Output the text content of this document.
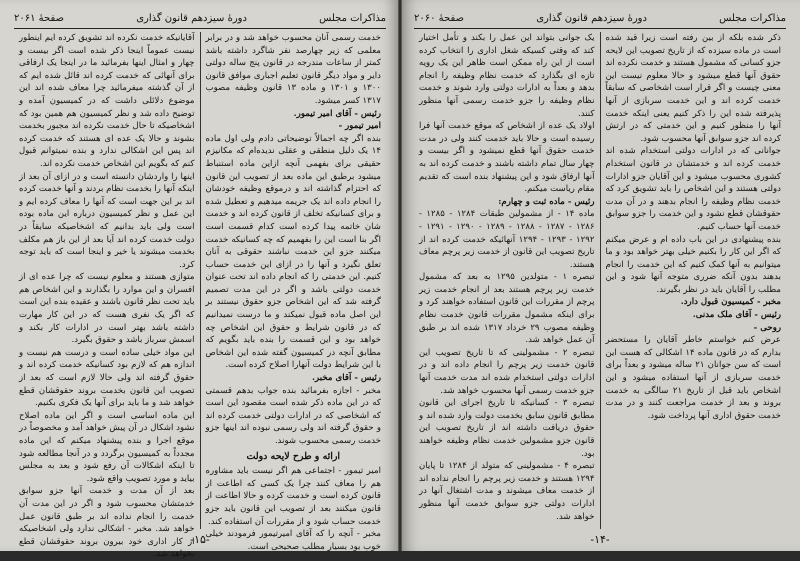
مذاکرات مجلس
دورهٔ سیزدهم قانون گذاری
صفحهٔ ۲۰۶۱

خدمت رسمی آنان محسوب خواهد شد و در برابر معلمی که زیر چهارصد نفر شاگرد داشته باشد کمتر از ساعات مندرجه در قانون پنج ساله دولتی دایر و مواد دیگر قانون تعلیم اجباری موافق قانون ۱۳۰۰ و ۱۳۰۱ و ماده ۱۳ قانون وظیفه مصوب ۱۳۱۷ کسر میشود.

رئیس - آقای امیر تیمور.

امیر تیمور -

بنده اگر چه اجمالاً توضیحاتی دادم ولی اول ماده ۱۴ یک دلیل منطقی و عقلی ندیده‌ام که مکانیزم حقیقی برای بفهمی آنچه ازاین ماده استنباط میشود برطبق این ماده بعد از تصویب این قانون که احتزام گذاشته اند و درموقع وظیفه خودشان را انجام داده اند یک جریمه میدهیم و تعطیل شده و برای کسانیکه تخلف از قانون کرده اند و خدمت شان خاتمه پیدا کرده است کدام قسمت است اگر بنا است این را بفهمیم که چه کسانیکه خدمت میکنند جزو این خدمت نباشند حقوقی به آنان تعلق نگیرد و آنها را در ازای این خدمت حساب کنیم. این خدمتی را که انجام داده اند تحت عنوان خدمت دولتی باشد و اگر در این مدت تصمیم گرفته شد که این اشخاص جزو حقوق نیستند بر این اصل ماده قبول نمیکند و ما درست نمیدانیم که در قانون شرایط و حقوق این اشخاص چه خواهد بود و این قسمت را بنده باید بگویم که مطابق آنچه در کمیسیون گفته شده این اشخاص با این شرایط دولت آنهارا اصلاح کرده است.

رئیس - آقای مخبر.

مخبر - اجازه بفرمائید بنده جواب بدهم قسمتی که در این ماده ذکر شده است مقصود این است که اشخاصی که در ادارات دولتی خدمت کرده اند و حقوق گرفته اند ولی رسمی نبوده اند اینها جزو خدمت رسمی محسوب شوند.

ارائه و طرح لایحه دولت

امیر تیمور - اجتماعی هم اگر نیست باید مشاوره هم را معاف کنند چرا یک کسی که اطاعت از قانون کرده است و خدمت کرده و حالا اطاعت از قانون میکنند بعد از تصویب این قانون باید جزو خدمت حساب شود و از مقررات آن استفاده کند.

مخبر - آنچه را که آقای امیرتیمور فرمودند خیلی خوب بود بسیار مطلب صحیحی است.

آقایانیکه خدمت نکرده اند تشویق کرده ایم اینطور نیست عموماً اینجا ذکر شده است اگر بیست و چهار و امثال اینها بفرمائید ما در اینجا یک ارفاقی برای آنهائی که خدمت کرده اند قائل شده ایم که از آن گذشته میفرمائید چرا معاف شده اند این موضوع دلائلی داشت که در کمیسیون آمده و توضیح داده شد و نظر کمیسیون هم همین بود که اشخاصیکه تا حال خدمت نکرده اند مجبور بخدمت بشوند و حالا یک عده ای هستند که خدمت کرده اند پس این اشکالی ندارد و بنده نمیتوانم قبول کنم که بگویم این اشخاص خدمت نکرده اند.

اینها را واردشان دانسته است و در ازای آن بعد از اینکه آنها را بخدمت نظام بردند و آنها خدمت کرده اند بر این جهت است که آنها را معاف کرده ایم و این عمل و نظر کمیسیون درباره این ماده بوده است ولی باید بدانیم که اشخاصیکه سابقاً در دولت خدمت کرده اند آیا بعد از این باز هم مکلف بخدمت میشوند یا خیر و اینجا است که باید توجه کرد.

متوازی هستند و معلوم نیست که چرا عده ای از افسران و این موارد را بگذارند و این اشخاص هم باید تحت نظر قانون باشند و عقیده بنده این است که اگر یک نفری هست که در این کار مهارت داشته باشد بهتر است در ادارات کار بکند و اسمش سرباز باشد و حقوق بگیرد.

این مواد خیلی ساده است و درست هم نیست و اندازه هم که لازم بود کسانیکه خدمت کرده اند و حقوق گرفته اند ولی حالا لازم است که بعد از تصویب این قانون بخدمت بروند حقوقشان قطع خواهد شد و ما باید برای آنها یک فکری بکنیم.

این ماده اساسی است و اگر این ماده اصلاح نشود اشکال در آن پیش خواهد آمد و مخصوصاً در موقع اجرا و بنده پیشنهاد میکنم که این ماده مجدداً به کمیسیون برگردد و در آنجا مطالعه شود تا اینکه اشکالات آن رفع شود و بعد به مجلس بیاید و مورد تصویب واقع شود.

بعد از آن مدت و خدمت آنها جزو سوابق خدمتشان محسوب شود و اگر در این مدت آن خدمت را انجام نداده اند بر طبق قانون عمل خواهد شد. مخبر - اشکالی ندارد ولی اشخاصیکه از کار اداری خود بیرون بروند حقوقشان قطع نخواهد شد.

-۱۵-
مذاکرات مجلس
دورهٔ سیزدهم قانون گذاری
صفحهٔ ۲۰۶۰

ذکر شده بلکه از بین رفته است زیرا قید شده است در ماده سیزده که از تاریخ تصویب این لایحه جزو کسانی که مشمول هستند و خدمت نکرده اند حقوق آنها قطع میشود و حالا معلوم نیست این معنی چیست و اگر قرار است اشخاصی که سابقاً خدمت کرده اند و این خدمت سربازی از آنها پذیرفته شده این را ذکر کنیم یعنی اینکه خدمت آنها را منظور کنیم و این خدمتی که در ارتش کرده اند جزو سوابق آنها محسوب شود.

جوانانی که در ادارات دولتی استخدام شده اند خدمت کرده اند و خدمتشان در قانون استخدام کشوری محسوب میشود و این آقایان جزو ادارات دولتی هستند و این اشخاص را باید تشویق کرد که خدمت نظام وظیفه را انجام بدهند و در آن مدت حقوقشان قطع نشود و این خدمت را جزو سوابق خدمت آنها حساب کنیم.

بنده پیشنهادی در این باب داده ام و عرض میکنم که اگر این کار را بکنیم خیلی بهتر خواهد بود و ما میتوانیم به آنها کمک کنیم که این خدمت را انجام بدهند بدون آنکه ضرری متوجه آنها شود و این مطلب را آقایان باید در نظر بگیرند.

مخبر - کمیسیون قبول دارد.

رئیس - آقای ملک مدنی.

روحی -

عرض کنم خواستم خاطر آقایان را مستحضر بدارم که در قانون ماده ۱۴ اشکالی که هست این است که سن جوانان ۲۱ ساله میشود و بعداً برای خدمت سربازی از آنها استفاده میشود و این اشخاص باید قبل از تاریخ ۲۱ سالگی به خدمت بروند و بعد از خدمت مراجعت کنند و در مدت خدمت حقوق اداری آنها پرداخت شود.

یک جوانی بتواند این عمل را بکند و تأمل اختیار کند که وقتی کسیکه شغل اداری را انتخاب کرده است از این راه ممکن است ظاهر این یک رویه تازه ای بگذارد که خدمت نظام وظیفه را انجام بدهد و بعداً به ادارات دولتی وارد شوند و خدمت نظام وظیفه را جزو خدمت رسمی آنها منظور کنند.

اولاد یک عده از اشخاص که موقع خدمت آنها فرا رسیده است و حالا باید خدمت کنند ولی در مدت خدمت حقوق آنها قطع نمیشود و اگر بیست و چهار سال تمام داشته باشند و خدمت کرده اند به آنها ارفاق شود و این پیشنهاد بنده است که تقدیم مقام ریاست میکنم.

رئیس - ماده ثبت و چهارم:

ماده ۱۴ - از مشمولین طبقات ۱۲۸۴ - ۱۲۸۵ - ۱۲۸۶ - ۱۲۸۷ - ۱۲۸۸ - ۱۲۸۹ - ۱۲۹۰ - ۱۲۹۱ - ۱۲۹۲ - ۱۲۹۳ - ۱۲۹۴ آنهائیکه خدمت کرده اند از تاریخ تصویب این قانون از خدمت زیر پرچم معاف هستند.

تبصره ۱ - متولدین ۱۲۹۵ به بعد که مشمول خدمت زیر پرچم هستند بعد از انجام خدمت زیر پرچم از مقررات این قانون استفاده خواهند کرد و برای اینکه مشمول مقررات قانون خدمت نظام وظیفه مصوب ۲۹ خرداد ۱۳۱۷ شده اند بر طبق آن عمل خواهد شد.

تبصره ۲ - مشمولینی که تا تاریخ تصویب این قانون خدمت زیر پرچم را انجام داده اند و در ادارات دولتی استخدام شده اند مدت خدمت آنها جزو خدمت رسمی آنها محسوب خواهد شد.

تبصره ۳ - کسانیکه تا تاریخ اجرای این قانون مطابق قانون سابق بخدمت دولت وارد شده اند و حقوق دریافت داشته اند از تاریخ تصویب این قانون جزو مشمولین خدمت نظام وظیفه خواهند بود.

تبصره ۴ - مشمولینی که متولد از ۱۲۸۴ تا پایان ۱۲۹۴ هستند و خدمت زیر پرچم را انجام نداده اند از خدمت معاف میشوند و مدت اشتغال آنها در ادارات دولتی جزو سوابق خدمت آنها منظور خواهد شد.

-۱۴-
